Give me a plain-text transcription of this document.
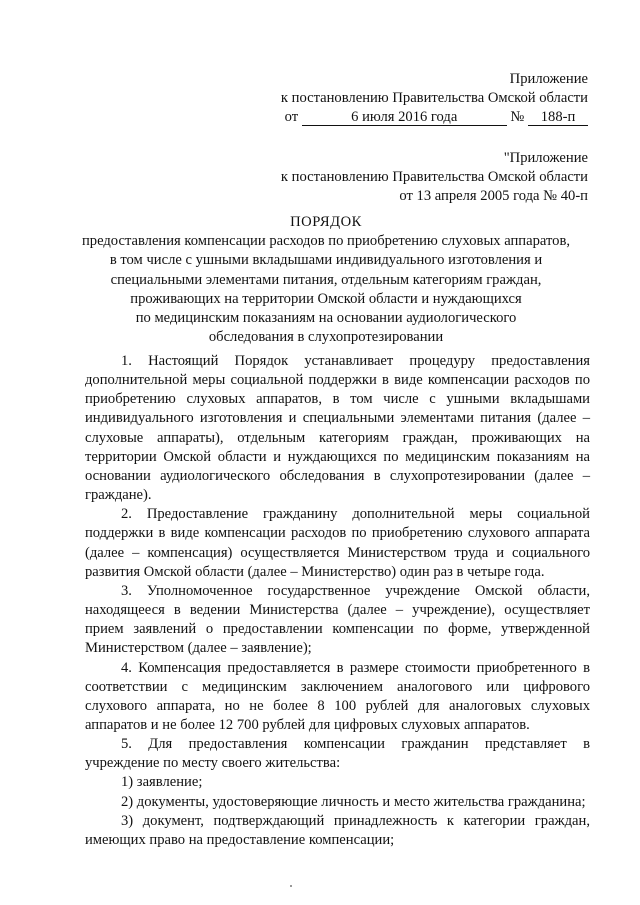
Приложение
к постановлению Правительства Омской области
от	6 июля 2016 года	№ 188-п
"Приложение
к постановлению Правительства Омской области
от 13 апреля 2005 года № 40-п
ПОРЯДОК
предоставления компенсации расходов по приобретению слуховых аппаратов,
в том числе с ушными вкладышами индивидуального изготовления и
специальными элементами питания, отдельным категориям граждан,
проживающих на территории Омской области и нуждающихся
по медицинским показаниям на основании аудиологического
обследования в слухопротезировании

1. Настоящий Порядок устанавливает процедуру предоставления дополнительной меры социальной поддержки в виде компенсации расходов по приобретению слуховых аппаратов, в том числе с ушными вкладышами индивидуального изготовления и специальными элементами питания (далее – слуховые аппараты), отдельным категориям граждан, проживающих на территории Омской области и нуждающихся по медицинским показаниям на основании аудиологического обследования в слухопротезировании (далее – граждане).

2. Предоставление гражданину дополнительной меры социальной поддержки в виде компенсации расходов по приобретению слухового аппарата (далее – компенсация) осуществляется Министерством труда и социального развития Омской области (далее – Министерство) один раз в четыре года.

3. Уполномоченное государственное учреждение Омской области, находящееся в ведении Министерства (далее – учреждение), осуществляет прием заявлений о предоставлении компенсации по форме, утвержденной Министерством (далее – заявление);

4. Компенсация предоставляется в размере стоимости приобретенного в соответствии с медицинским заключением аналогового или цифрового слухового аппарата, но не более 8 100 рублей для аналоговых слуховых аппаратов и не более 12 700 рублей для цифровых слуховых аппаратов.

5. Для предоставления компенсации гражданин представляет в учреждение по месту своего жительства:

1) заявление;

2) документы, удостоверяющие личность и место жительства гражданина;

3) документ, подтверждающий принадлежность к категории граждан, имеющих право на предоставление компенсации;
